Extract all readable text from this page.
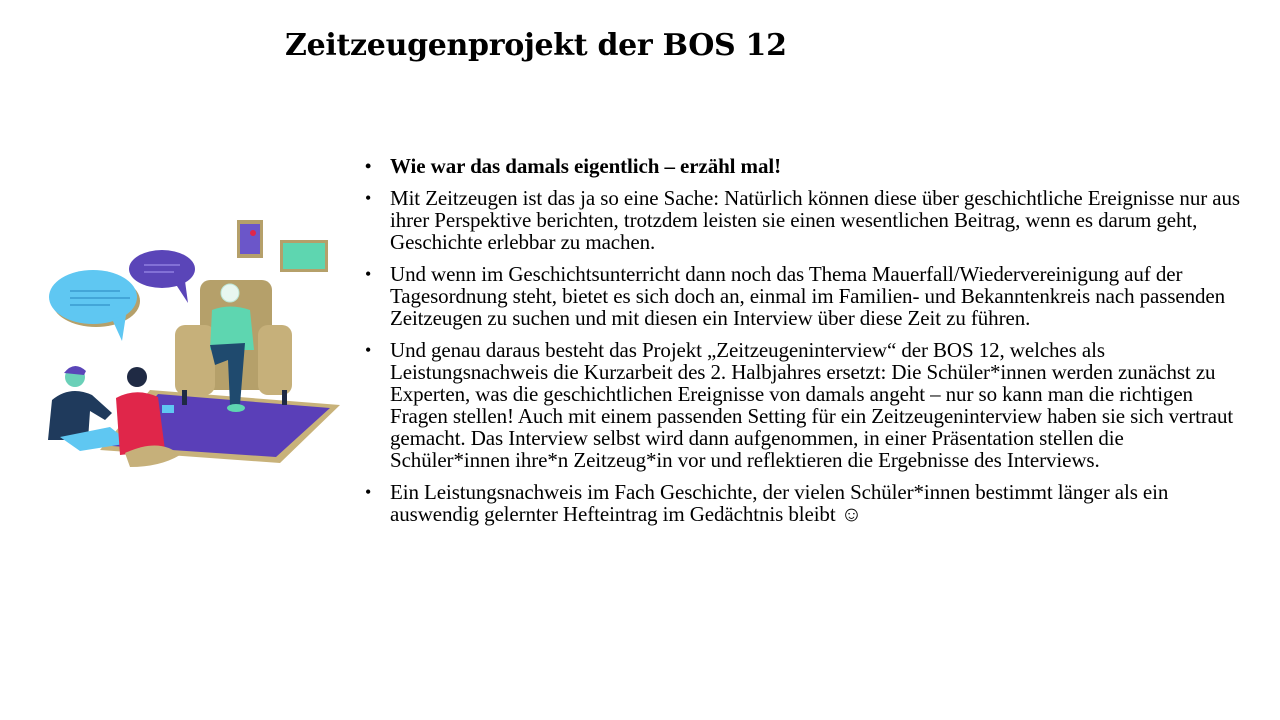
Zeitzeugenprojekt der BOS 12
• Wie war das damals eigentlich – erzähl mal!
• Mit Zeitzeugen ist das ja so eine Sache: Natürlich können diese über geschichtliche Ereignisse nur aus ihrer Perspektive berichten, trotzdem leisten sie einen wesentlichen Beitrag, wenn es darum geht, Geschichte erlebbar zu machen.
• Und wenn im Geschichtsunterricht dann noch das Thema Mauerfall/Wiedervereinigung auf der Tagesordnung steht, bietet es sich doch an, einmal im Familien- und Bekanntenkreis nach passenden Zeitzeugen zu suchen und mit diesen ein Interview über diese Zeit zu führen.
• Und genau daraus besteht das Projekt „Zeitzeugeninterview“ der BOS 12, welches als Leistungsnachweis die Kurzarbeit des 2. Halbjahres ersetzt: Die Schüler*innen werden zunächst zu Experten, was die geschichtlichen Ereignisse von damals angeht – nur so kann man die richtigen Fragen stellen! Auch mit einem passenden Setting für ein Zeitzeugeninterview haben sie sich vertraut gemacht. Das Interview selbst wird dann aufgenommen, in einer Präsentation stellen die Schüler*innen ihre*n Zeitzeug*in vor und reflektieren die Ergebnisse des Interviews.
• Ein Leistungsnachweis im Fach Geschichte, der vielen Schüler*innen bestimmt länger als ein auswendig gelernter Hefteintrag im Gedächtnis bleibt ☺
